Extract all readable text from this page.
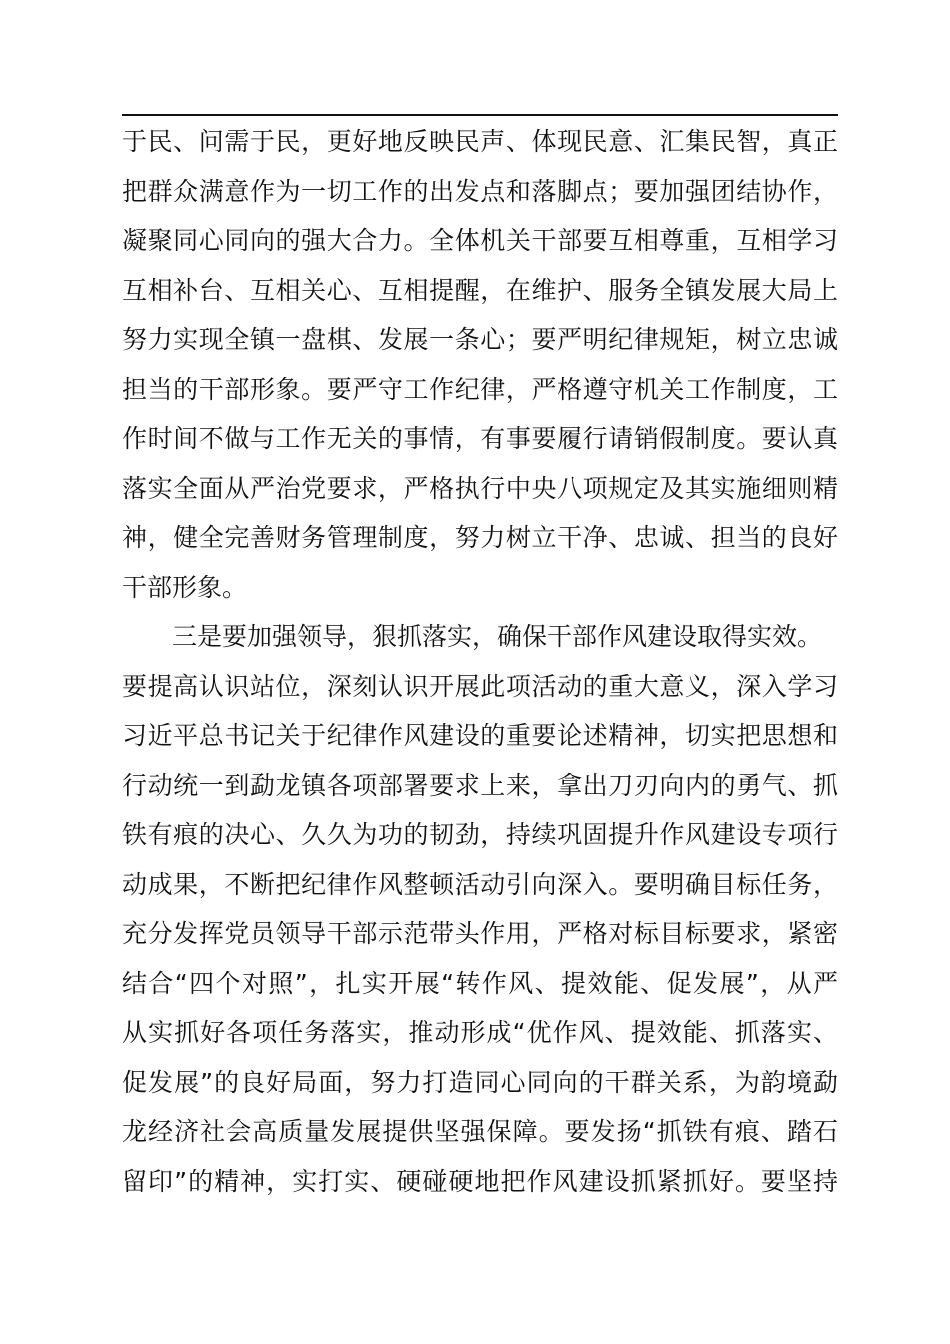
于民、问需于民，更好地反映民声、体现民意、汇集民智，真正
把群众满意作为一切工作的出发点和落脚点；要加强团结协作，
凝聚同心同向的强大合力。全体机关干部要互相尊重，互相学习
互相补台、互相关心、互相提醒，在维护、服务全镇发展大局上
努力实现全镇一盘棋、发展一条心；要严明纪律规矩，树立忠诚
担当的干部形象。要严守工作纪律，严格遵守机关工作制度，工
作时间不做与工作无关的事情，有事要履行请销假制度。要认真
落实全面从严治党要求，严格执行中央八项规定及其实施细则精
神，健全完善财务管理制度，努力树立干净、忠诚、担当的良好
干部形象。
三是要加强领导，狠抓落实，确保干部作风建设取得实效。
要提高认识站位，深刻认识开展此项活动的重大意义，深入学习
习近平总书记关于纪律作风建设的重要论述精神，切实把思想和
行动统一到勐龙镇各项部署要求上来，拿出刀刃向内的勇气、抓
铁有痕的决心、久久为功的韧劲，持续巩固提升作风建设专项行
动成果，不断把纪律作风整顿活动引向深入。要明确目标任务，
充分发挥党员领导干部示范带头作用，严格对标目标要求，紧密
结合“四个对照”，扎实开展“转作风、提效能、促发展”，从严
从实抓好各项任务落实，推动形成“优作风、提效能、抓落实、
促发展”的良好局面，努力打造同心同向的干群关系，为韵境勐
龙经济社会高质量发展提供坚强保障。要发扬“抓铁有痕、踏石
留印”的精神，实打实、硬碰硬地把作风建设抓紧抓好。要坚持
